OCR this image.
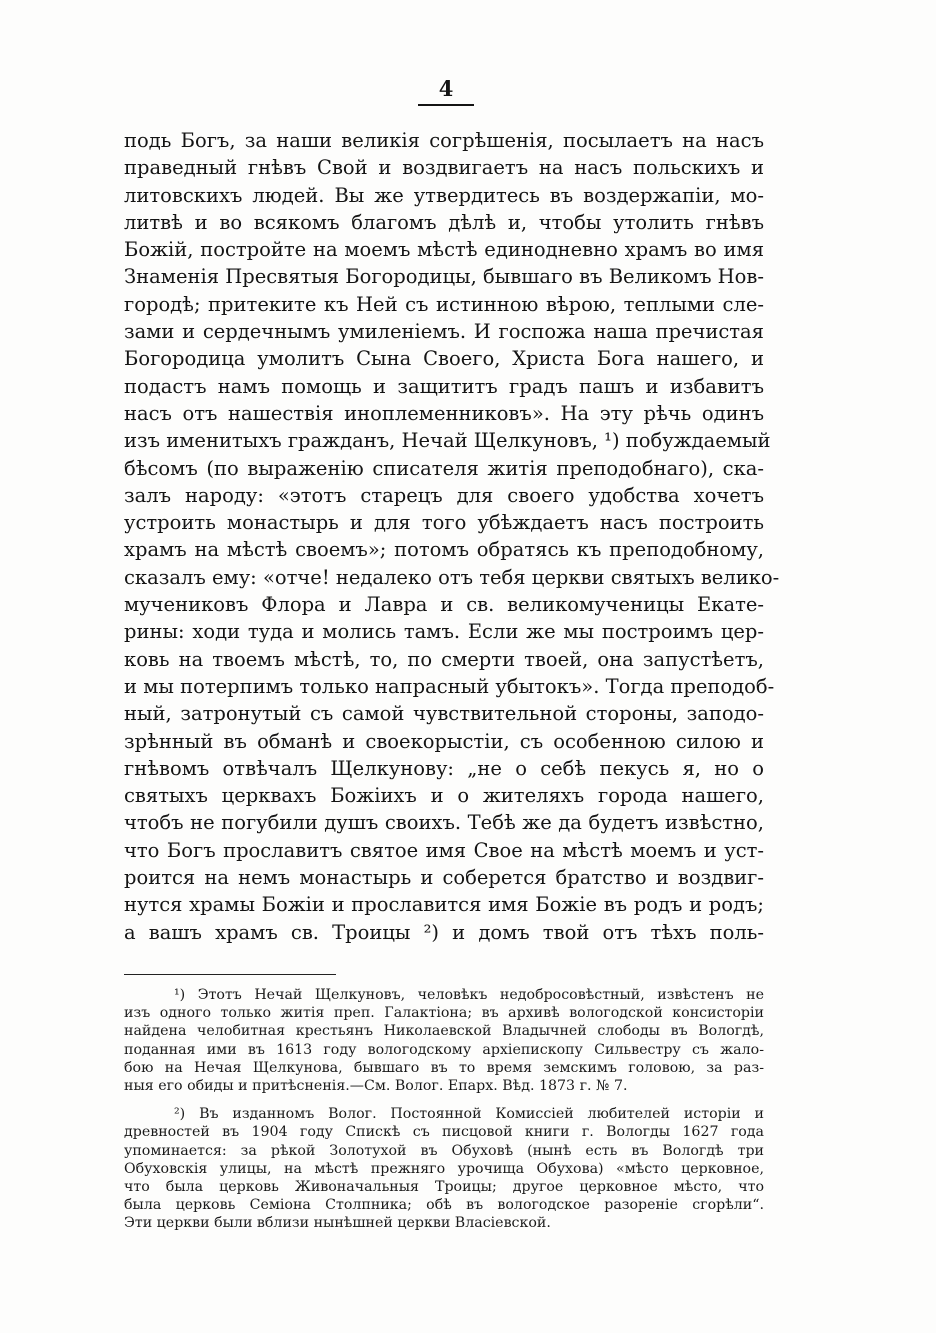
4
подь Богъ, за наши великія согрѣшенія, посылаетъ на насъ
праведный гнѣвъ Свой и воздвигаетъ на насъ польскихъ и
литовскихъ людей. Вы же утвердитесь въ воздержапіи, мо-
литвѣ и во всякомъ благомъ дѣлѣ и, чтобы утолить гнѣвъ
Божій, постройте на моемъ мѣстѣ единодневно храмъ во имя
Знаменія Пресвятыя Богородицы, бывшаго въ Великомъ Нов-
городѣ; притеките къ Ней съ истинною вѣрою, теплыми сле-
зами и сердечнымъ умиленіемъ. И госпожа наша пречистая
Богородица умолитъ Сына Своего, Христа Бога нашего, и
подастъ намъ помощь и защититъ градъ пашъ и избавитъ
насъ отъ нашествія иноплеменниковъ». На эту рѣчь одинъ
изъ именитыхъ гражданъ, Нечай Щелкуновъ, ¹) побуждаемый
бѣсомъ (по выраженію списателя житія преподобнаго), ска-
залъ народу: «этотъ старецъ для своего удобства хочетъ
устроить монастырь и для того убѣждаетъ насъ построить
храмъ на мѣстѣ своемъ»; потомъ обратясь къ преподобному,
сказалъ ему: «отче! недалеко отъ тебя церкви святыхъ велико-
мучениковъ Флора и Лавра и св. великомученицы Екате-
рины: ходи туда и молись тамъ. Если же мы построимъ цер-
ковь на твоемъ мѣстѣ, то, по смерти твоей, она запустѣетъ,
и мы потерпимъ только напрасный убытокъ». Тогда преподоб-
ный, затронутый съ самой чувствительной стороны, заподо-
зрѣнный въ обманѣ и своекорыстіи, съ особенною силою и
гнѣвомъ отвѣчалъ Щелкунову: „не о себѣ пекусь я, но о
святыхъ церквахъ Божіихъ и о жителяхъ города нашего,
чтобъ не погубили душъ своихъ. Тебѣ же да будетъ извѣстно,
что Богъ прославитъ святое имя Свое на мѣстѣ моемъ и уст-
роится на немъ монастырь и соберется братство и воздвиг-
нутся храмы Божіи и прославится имя Божіе въ родъ и родъ;
а вашъ храмъ св. Троицы ²) и домъ твой отъ тѣхъ поль-
¹) Этотъ Нечай Щелкуновъ, человѣкъ недобросовѣстный, извѣстенъ не
изъ одного только житія преп. Галактіона; въ архивѣ вологодской консисторіи
найдена челобитная крестьянъ Николаевской Владычней слободы въ Вологдѣ,
поданная ими въ 1613 году вологодскому архіепископу Сильвестру съ жало-
бою на Нечая Щелкунова, бывшаго въ то время земскимъ головою, за раз-
ныя его обиды и притѣсненія.—См. Волог. Епарх. Вѣд. 1873 г. № 7.
²) Въ изданномъ Волог. Постоянной Комиссіей любителей исторіи и
древностей въ 1904 году Спискѣ съ писцовой книги г. Вологды 1627 года
упоминается: за рѣкой Золотухой въ Обуховѣ (нынѣ есть въ Вологдѣ три
Обуховскія улицы, на мѣстѣ прежняго урочища Обухова) «мѣсто церковное,
что была церковь Живоначальныя Троицы; другое церковное мѣсто, что
была церковь Семіона Столпника; обѣ въ вологодское разореніе сгорѣли“.
Эти церкви были вблизи нынѣшней церкви Власіевской.
